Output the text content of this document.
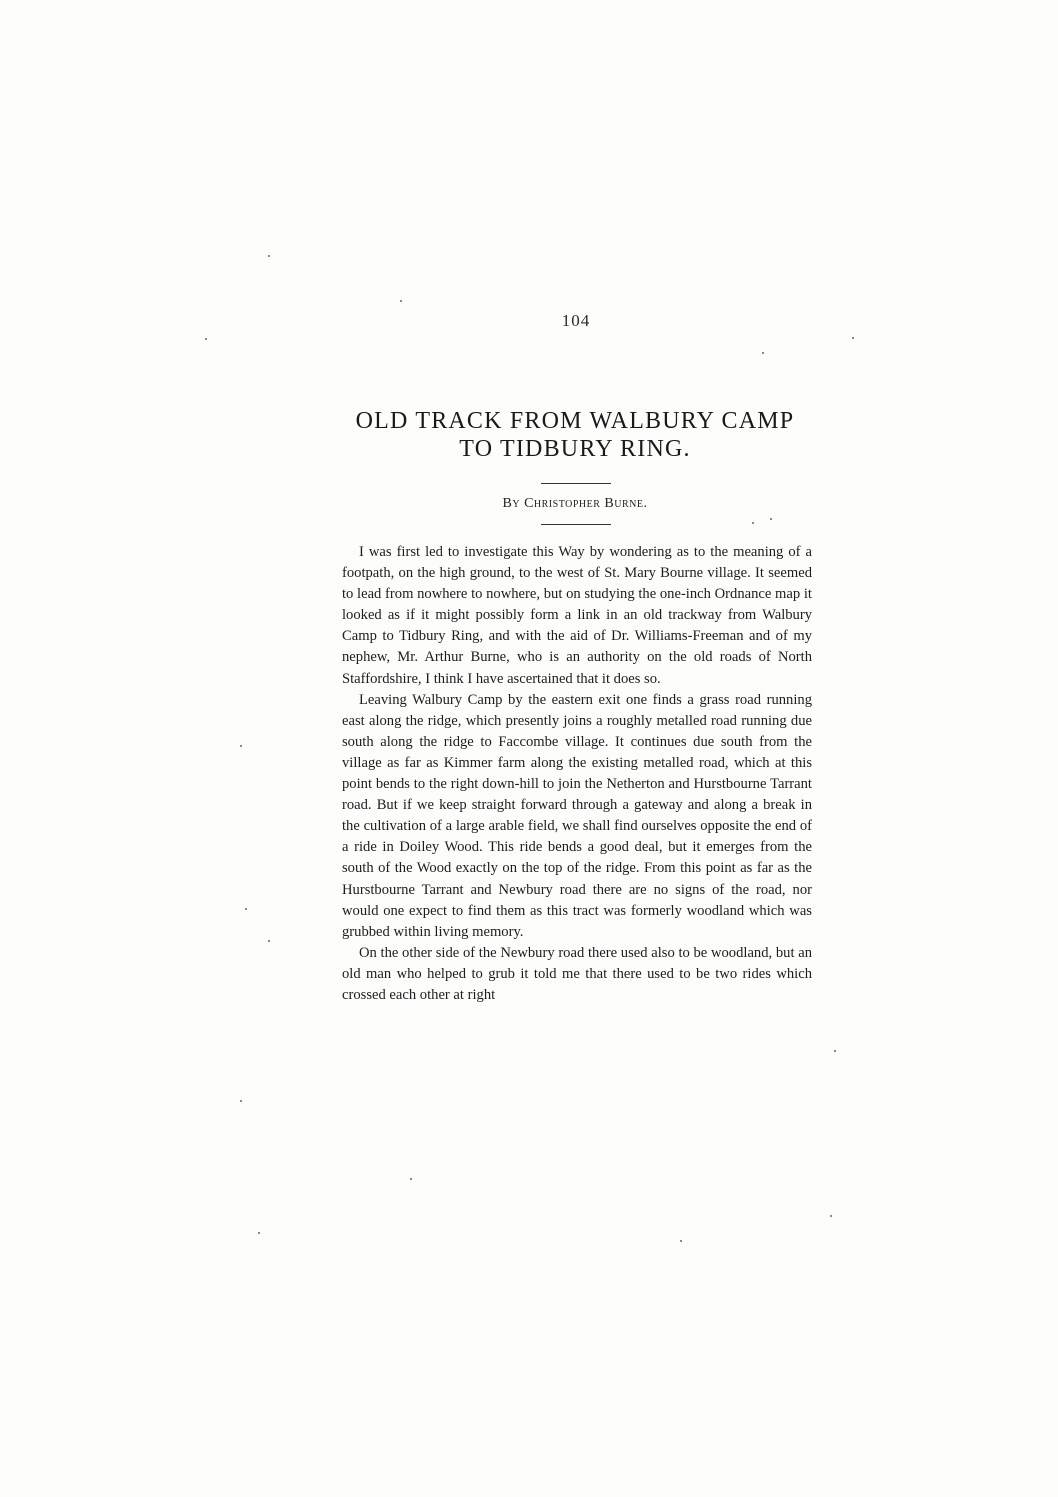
104
OLD TRACK FROM WALBURY CAMP
TO TIDBURY RING.
By Christopher Burne.

I was first led to investigate this Way by wondering as to the meaning of a footpath, on the high ground, to the west of St. Mary Bourne village. It seemed to lead from nowhere to nowhere, but on studying the one-inch Ordnance map it looked as if it might possibly form a link in an old trackway from Walbury Camp to Tidbury Ring, and with the aid of Dr. Williams-Freeman and of my nephew, Mr. Arthur Burne, who is an authority on the old roads of North Staffordshire, I think I have ascertained that it does so.

Leaving Walbury Camp by the eastern exit one finds a grass road running east along the ridge, which presently joins a roughly metalled road running due south along the ridge to Faccombe village. It continues due south from the village as far as Kimmer farm along the existing metalled road, which at this point bends to the right down-hill to join the Netherton and Hurstbourne Tarrant road. But if we keep straight forward through a gateway and along a break in the cultivation of a large arable field, we shall find ourselves opposite the end of a ride in Doiley Wood. This ride bends a good deal, but it emerges from the south of the Wood exactly on the top of the ridge. From this point as far as the Hurstbourne Tarrant and Newbury road there are no signs of the road, nor would one expect to find them as this tract was formerly woodland which was grubbed within living memory.

On the other side of the Newbury road there used also to be woodland, but an old man who helped to grub it told me that there used to be two rides which crossed each other at right
